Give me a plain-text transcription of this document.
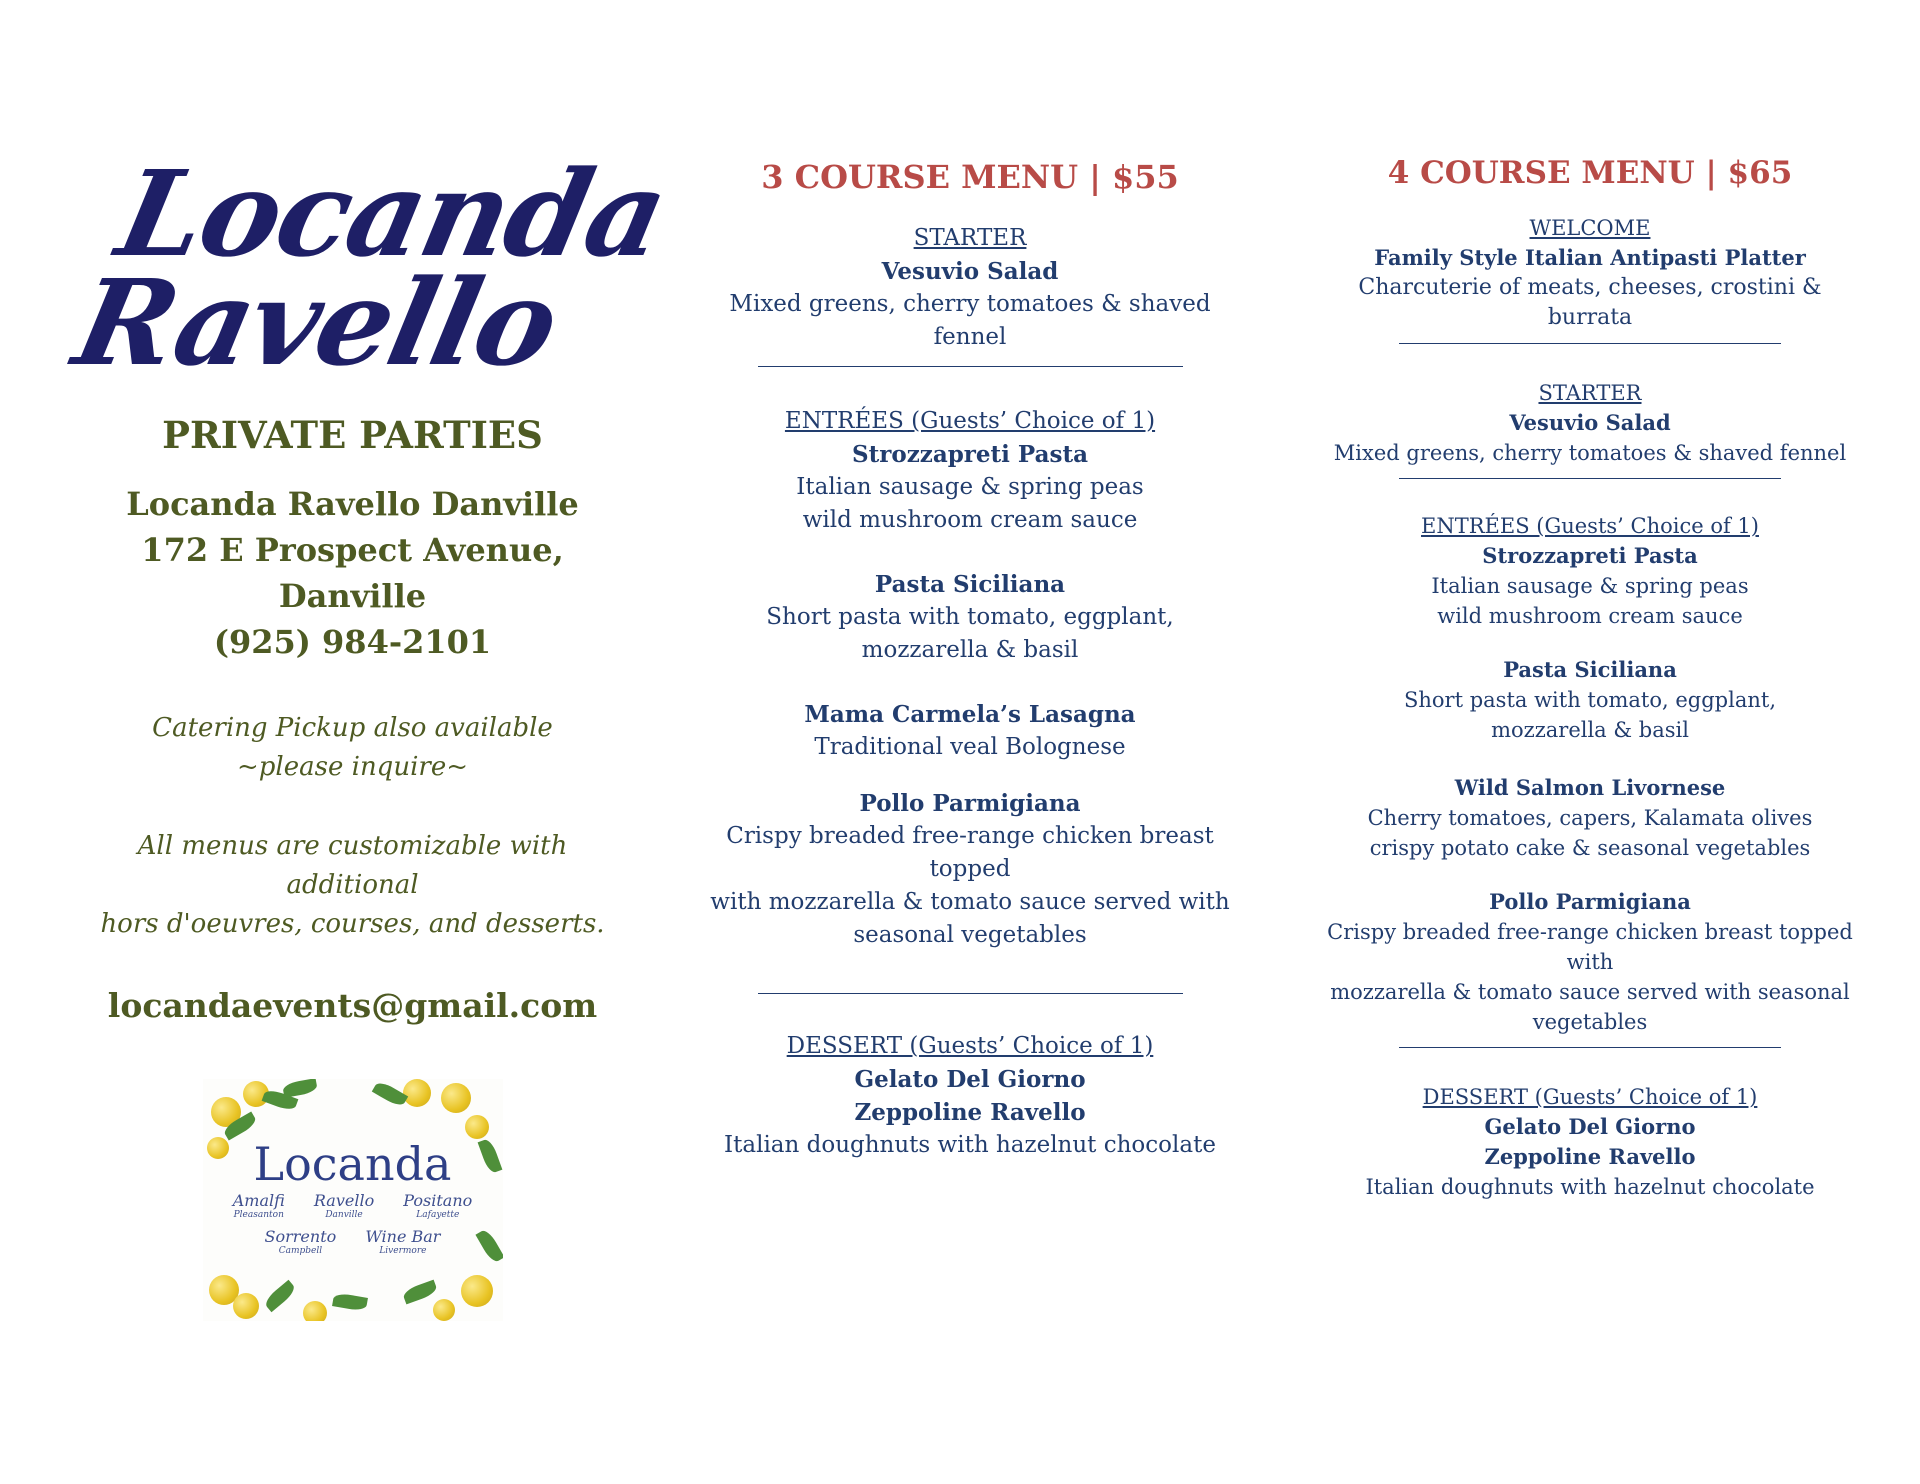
Locanda
Ravello
PRIVATE PARTIES
Locanda Ravello Danville
172 E Prospect Avenue, Danville
(925) 984-2101
Catering Pickup also available
~please inquire~
All menus are customizable with additional
hors d'oeuvres, courses, and desserts.
locandaevents@gmail.com
Locanda
Amalfi
Pleasanton

Ravello
Danville

Positano
Lafayette
Sorrento
Campbell

Wine Bar
Livermore
3 COURSE MENU | $55
STARTER
Vesuvio Salad
Mixed greens, cherry tomatoes & shaved fennel
ENTRÉES (Guests’ Choice of 1)
Strozzapreti Pasta
Italian sausage & spring peas
wild mushroom cream sauce
Pasta Siciliana
Short pasta with tomato, eggplant,
mozzarella & basil
Mama Carmela’s Lasagna
Traditional veal Bolognese
Pollo Parmigiana
Crispy breaded free-range chicken breast topped
with mozzarella & tomato sauce served with
seasonal vegetables
DESSERT (Guests’ Choice of 1)
Gelato Del Giorno
Zeppoline Ravello
Italian doughnuts with hazelnut chocolate
4 COURSE MENU | $65
WELCOME
Family Style Italian Antipasti Platter
Charcuterie of meats, cheeses, crostini & burrata
STARTER
Vesuvio Salad
Mixed greens, cherry tomatoes & shaved fennel
ENTRÉES (Guests’ Choice of 1)
Strozzapreti Pasta
Italian sausage & spring peas
wild mushroom cream sauce
Pasta Siciliana
Short pasta with tomato, eggplant,
mozzarella & basil
Wild Salmon Livornese
Cherry tomatoes, capers, Kalamata olives
crispy potato cake & seasonal vegetables
Pollo Parmigiana
Crispy breaded free-range chicken breast topped with
mozzarella & tomato sauce served with seasonal
vegetables
DESSERT (Guests’ Choice of 1)
Gelato Del Giorno
Zeppoline Ravello
Italian doughnuts with hazelnut chocolate
